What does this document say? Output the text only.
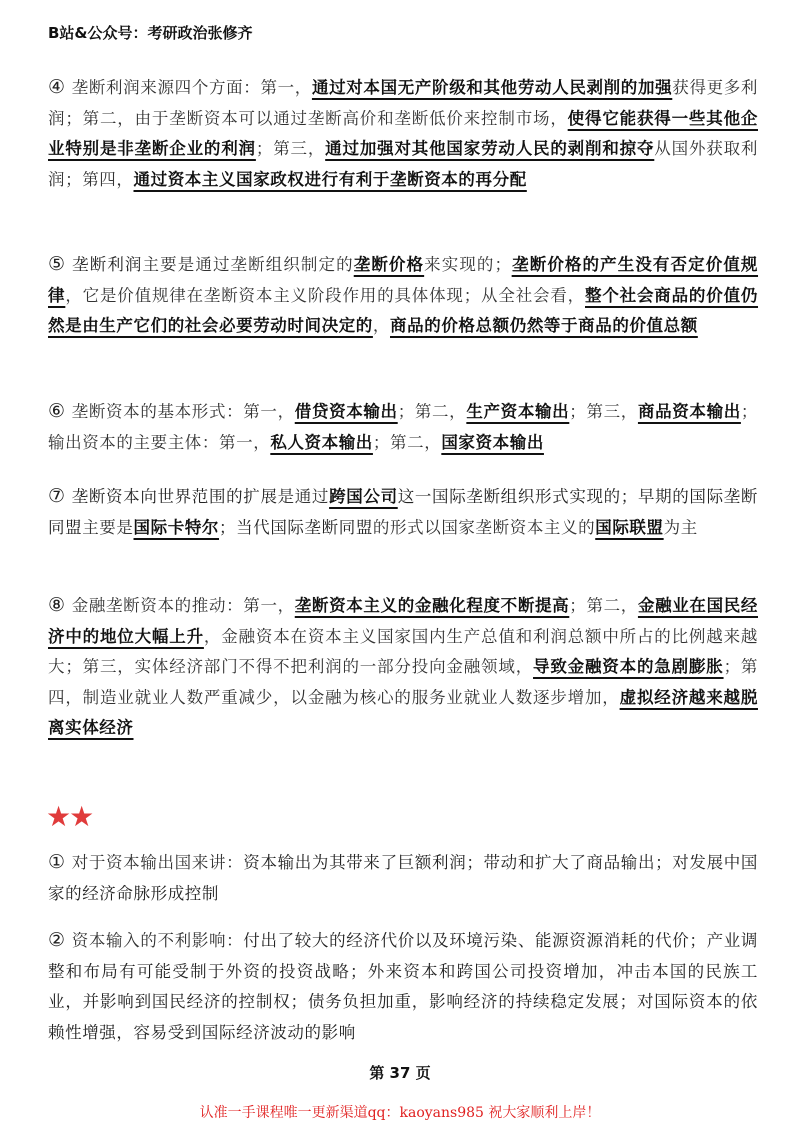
B站&公众号：考研政治张修齐
④ 垄断利润来源四个方面：第一，通过对本国无产阶级和其他劳动人民剥削的加强获得更多利润；第二，由于垄断资本可以通过垄断高价和垄断低价来控制市场，使得它能获得一些其他企业特别是非垄断企业的利润；第三，通过加强对其他国家劳动人民的剥削和掠夺从国外获取利润；第四，通过资本主义国家政权进行有利于垄断资本的再分配
⑤ 垄断利润主要是通过垄断组织制定的垄断价格来实现的；垄断价格的产生没有否定价值规律，它是价值规律在垄断资本主义阶段作用的具体体现；从全社会看，整个社会商品的价值仍然是由生产它们的社会必要劳动时间决定的，商品的价格总额仍然等于商品的价值总额
⑥ 垄断资本的基本形式：第一，借贷资本输出；第二，生产资本输出；第三，商品资本输出；输出资本的主要主体：第一，私人资本输出；第二，国家资本输出
⑦ 垄断资本向世界范围的扩展是通过跨国公司这一国际垄断组织形式实现的；早期的国际垄断同盟主要是国际卡特尔；当代国际垄断同盟的形式以国家垄断资本主义的国际联盟为主
⑧ 金融垄断资本的推动：第一，垄断资本主义的金融化程度不断提高；第二，金融业在国民经济中的地位大幅上升，金融资本在资本主义国家国内生产总值和利润总额中所占的比例越来越大；第三，实体经济部门不得不把利润的一部分投向金融领域，导致金融资本的急剧膨胀；第四，制造业就业人数严重减少，以金融为核心的服务业就业人数逐步增加，虚拟经济越来越脱离实体经济
★★
① 对于资本输出国来讲：资本输出为其带来了巨额利润；带动和扩大了商品输出；对发展中国家的经济命脉形成控制
② 资本输入的不利影响：付出了较大的经济代价以及环境污染、能源资源消耗的代价；产业调整和布局有可能受制于外资的投资战略；外来资本和跨国公司投资增加，冲击本国的民族工业，并影响到国民经济的控制权；债务负担加重，影响经济的持续稳定发展；对国际资本的依赖性增强，容易受到国际经济波动的影响
第 37 页
认准一手课程唯一更新渠道qq：kaoyans985 祝大家顺利上岸！
